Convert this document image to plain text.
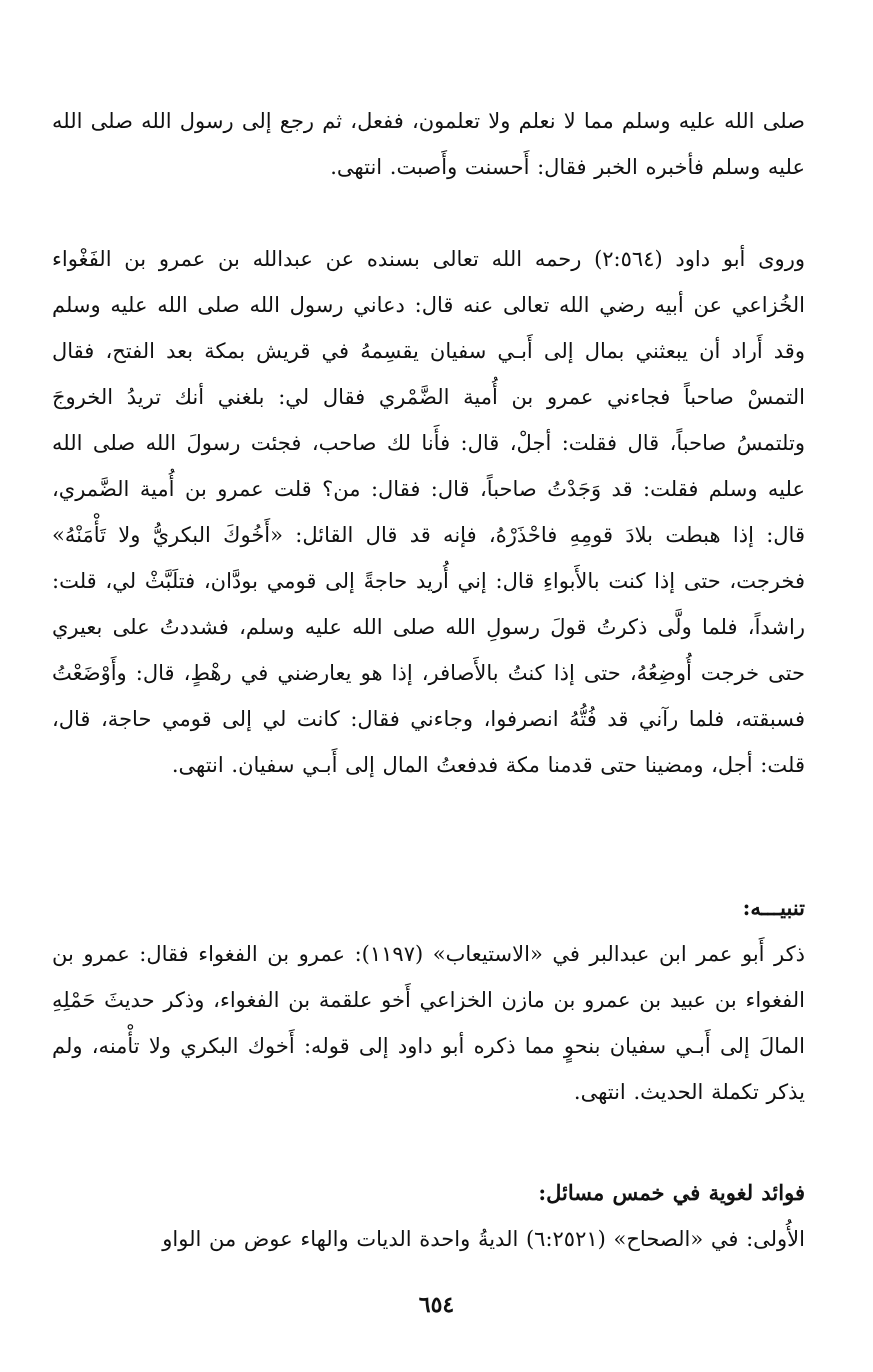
صلى الله عليه وسلم مما لا نعلم ولا تعلمون، ففعل، ثم رجع إلى رسول الله صلى الله عليه وسلم فأخبره الخبر فقال: أَحسنت وأَصبت. انتهى.

وروى أبو داود (٢:٥٦٤) رحمه الله تعالى بسنده عن عبدالله بن عمرو بن الفَغْواء الخُزاعي عن أبيه رضي الله تعالى عنه قال: دعاني رسول الله صلى الله عليه وسلم وقد أَراد أن يبعثني بمال إلى أَبـي سفيان يقسِمهُ في قريش بمكة بعد الفتح، فقال التمسْ صاحباً فجاءني عمرو بن أُمية الضَّمْري فقال لي: بلغني أنك تريدُ الخروجَ وتلتمسُ صاحباً، قال فقلت: أجلْ، قال: فأَنا لك صاحب، فجئت رسولَ الله صلى الله عليه وسلم فقلت: قد وَجَدْتُ صاحباً، قال: فقال: من؟ قلت عمرو بن أُمية الضَّمري، قال: إذا هبطت بلادَ قومِهِ فاحْذَرْهُ، فإنه قد قال القائل: «أَخُوكَ البكريُّ ولا تَأْمَنْهُ» فخرجت، حتى إذا كنت بالأَبواءِ قال: إني أُريد حاجةً إلى قومي بودَّان، فتلَبَّثْ لي، قلت: راشداً، فلما ولَّى ذكرتُ قولَ رسولِ الله صلى الله عليه وسلم، فشددتُ على بعيري حتى خرجت أُوضِعُهُ، حتى إذا كنتُ بالأَصافر، إذا هو يعارضني في رهْطٍ، قال: وأَوْضَعْتُ فسبقته، فلما رآني قد فُتُّهُ انصرفوا، وجاءني فقال: كانت لي إلى قومي حاجة، قال، قلت: أجل، ومضينا حتى قدمنا مكة فدفعتُ المال إلى أَبـي سفيان. انتهى.

تنبيـــه:
ذكر أَبو عمر ابن عبدالبر في «الاستيعاب» (١١٩٧): عمرو بن الفغواء فقال: عمرو بن الفغواء بن عبيد بن عمرو بن مازن الخزاعي أَخو علقمة بن الفغواء، وذكر حديثَ حَمْلِهِ المالَ إلى أَبـي سفيان بنحوٍ مما ذكره أبو داود إلى قوله: أَخوك البكري ولا تأْمنه، ولم يذكر تكملة الحديث. انتهى.
فوائد لغوية في خمس مسائل:
الأُولى: في «الصحاح» (٦:٢٥٢١) الديةُ واحدة الديات والهاء عوض من الواو
٦٥٤
